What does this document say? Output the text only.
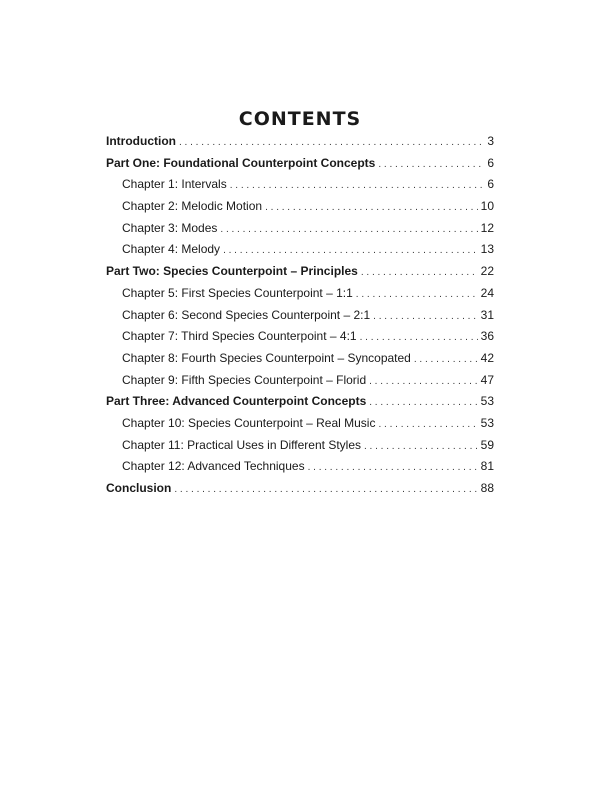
CONTENTS
Introduction . . .	3
Part One: Foundational Counterpoint Concepts . . .	6
Chapter 1: Intervals . . .	6
Chapter 2: Melodic Motion . . .	10
Chapter 3: Modes . . .	12
Chapter 4: Melody . . .	13
Part Two: Species Counterpoint – Principles . . .	22
Chapter 5: First Species Counterpoint – 1:1 . . .	24
Chapter 6: Second Species Counterpoint – 2:1 . . .	31
Chapter 7: Third Species Counterpoint – 4:1 . . .	36
Chapter 8: Fourth Species Counterpoint – Syncopated . . .	42
Chapter 9: Fifth Species Counterpoint – Florid . . .	47
Part Three: Advanced Counterpoint Concepts . . .	53
Chapter 10: Species Counterpoint – Real Music . . .	53
Chapter 11: Practical Uses in Different Styles . . .	59
Chapter 12: Advanced Techniques . . .	81
Conclusion . . .	88
